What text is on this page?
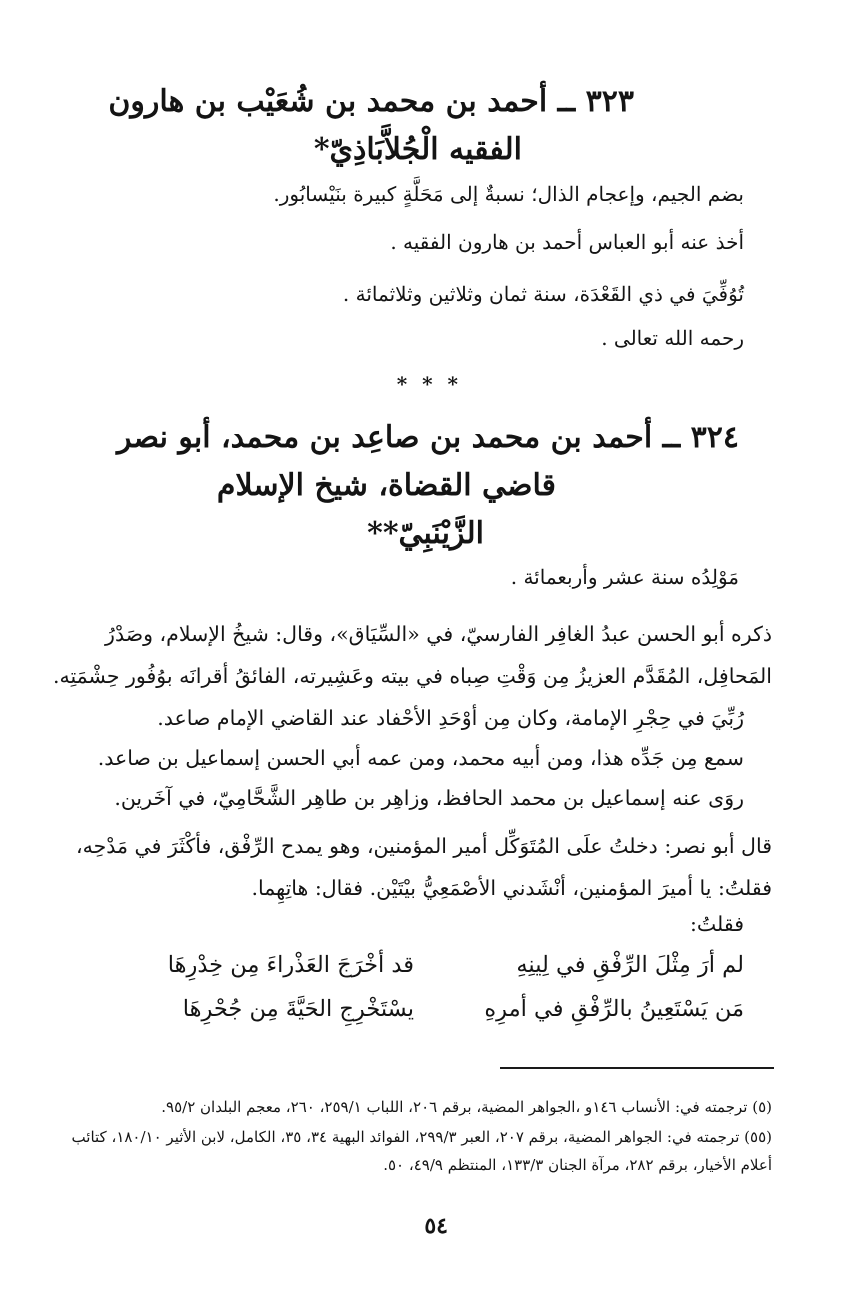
٣٢٣ ــ أحمد بن محمد بن شُعَيْب بن هارون
الفقيه الْجُلاَّبَاذِيّ*
بضم الجيم، وإعجام الذال؛ نسبةٌ إلى مَحَلَّةٍ كبيرة بنَيْسابُور.
أخذ عنه أبو العباس أحمد بن هارون الفقيه .
تُوُفِّيَ في ذي القَعْدَة، سنة ثمان وثلاثين وثلاثمائة .
رحمه الله تعالى .
* * *
٣٢٤ ــ أحمد بن محمد بن صاعِد بن محمد، أبو نصر
قاضي القضاة، شيخ الإسلام
الزَّيْنَبِيّ**
مَوْلِدُه سنة عشر وأربعمائة .
ذكره أبو الحسن عبدُ الغافِر الفارسيّ، في «السِّيَاق»، وقال: شيخُ الإسلام، وصَدْرُ
المَحافِل، المُقَدَّم العزيزُ مِن وَقْتِ صِباه في بيته وعَشِيرته، الفائقُ أقرانَه بوُفُور حِشْمَتِه.
رُبِّيَ في حِجْرِ الإمامة، وكان مِن أوْحَدِ الأحْفاد عند القاضي الإمام صاعد.
سمع مِن جَدِّه هذا، ومن أبيه محمد، ومن عمه أبي الحسن إسماعيل بن صاعد.
روَى عنه إسماعيل بن محمد الحافظ، وزاهِر بن طاهِر الشَّحَّامِيّ، في آخَرين.
قال أبو نصر: دخلتُ علَى المُتَوَكِّل أمير المؤمنين، وهو يمدح الرِّفْق، فأكْثَرَ في مَدْحِه،
فقلتُ: يا أميرَ المؤمنين، أنْشَدني الأصْمَعِيُّ بيْتَيْن. فقال: هاتِهِما.
فقلتُ:
لم أرَ مِثْلَ الرِّفْقِ في لِينِهِ
قد أخْرَجَ العَذْراءَ مِن خِدْرِهَا
مَن يَسْتَعِينُ بالرِّفْقِ في أمرِهِ
يسْتَخْرِجِ الحَيَّةَ مِن جُحْرِهَا
(٥) ترجمته في: الأنساب ١٤٦و ،الجواهر المضية، برقم ٢٠٦، اللباب ٢٥٩/١، ٢٦٠، معجم البلدان ٩٥/٢.
(٥٥) ترجمته في: الجواهر المضية، برقم ٢٠٧، العبر ٢٩٩/٣، الفوائد البهية ٣٤، ٣٥، الكامل، لابن الأثير ١٨٠/١٠، كتائب
أعلام الأخيار، برقم ٢٨٢، مرآة الجنان ١٣٣/٣، المنتظم ٤٩/٩، ٥٠.
٥٤
